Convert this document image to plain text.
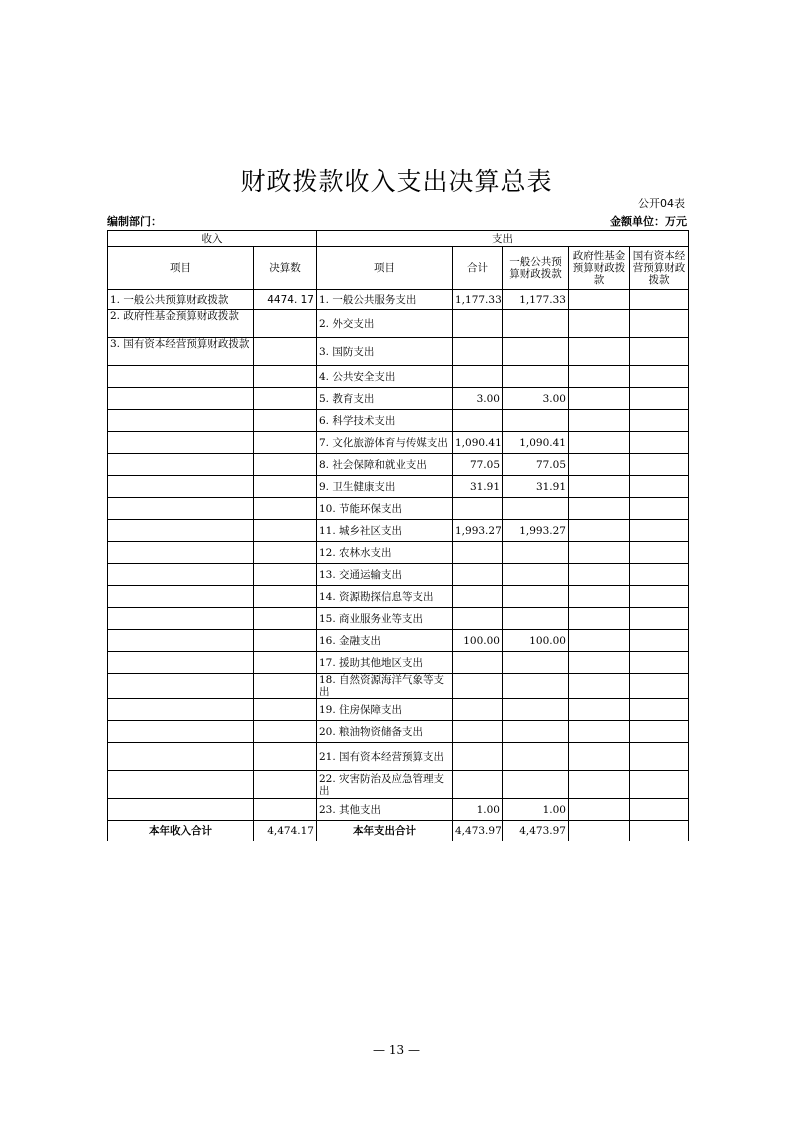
财政拨款收入支出决算总表
公开04表
编制部门：	金额单位：万元
收入		支出				
项目	决算数	项目	合计	一般公共预算财政拨款	政府性基金预算财政拨款	国有资本经营预算财政拨款
1. 一般公共预算财政拨款	4474. 17	1. 一般公共服务支出	1,177.33	1,177.33		
2. 政府性基金预算财政拨款		2. 外交支出				
3. 国有资本经营预算财政拨款		3. 国防支出				
		4. 公共安全支出				
		5. 教育支出	3.00	3.00		
		6. 科学技术支出				
		7. 文化旅游体育与传媒支出	1,090.41	1,090.41		
		8. 社会保障和就业支出	77.05	77.05		
		9. 卫生健康支出	31.91	31.91		
		10. 节能环保支出				
		11. 城乡社区支出	1,993.27	1,993.27		
		12. 农林水支出				
		13. 交通运输支出				
		14. 资源勘探信息等支出				
		15. 商业服务业等支出				
		16. 金融支出	100.00	100.00		
		17. 援助其他地区支出				
		18. 自然资源海洋气象等支出				
		19. 住房保障支出				
		20. 粮油物资储备支出				
		21. 国有资本经营预算支出				
		22. 灾害防治及应急管理支出				
		23. 其他支出	1.00	1.00		
本年收入合计	4,474.17	本年支出合计	4,473.97	4,473.97		
— 13 —
